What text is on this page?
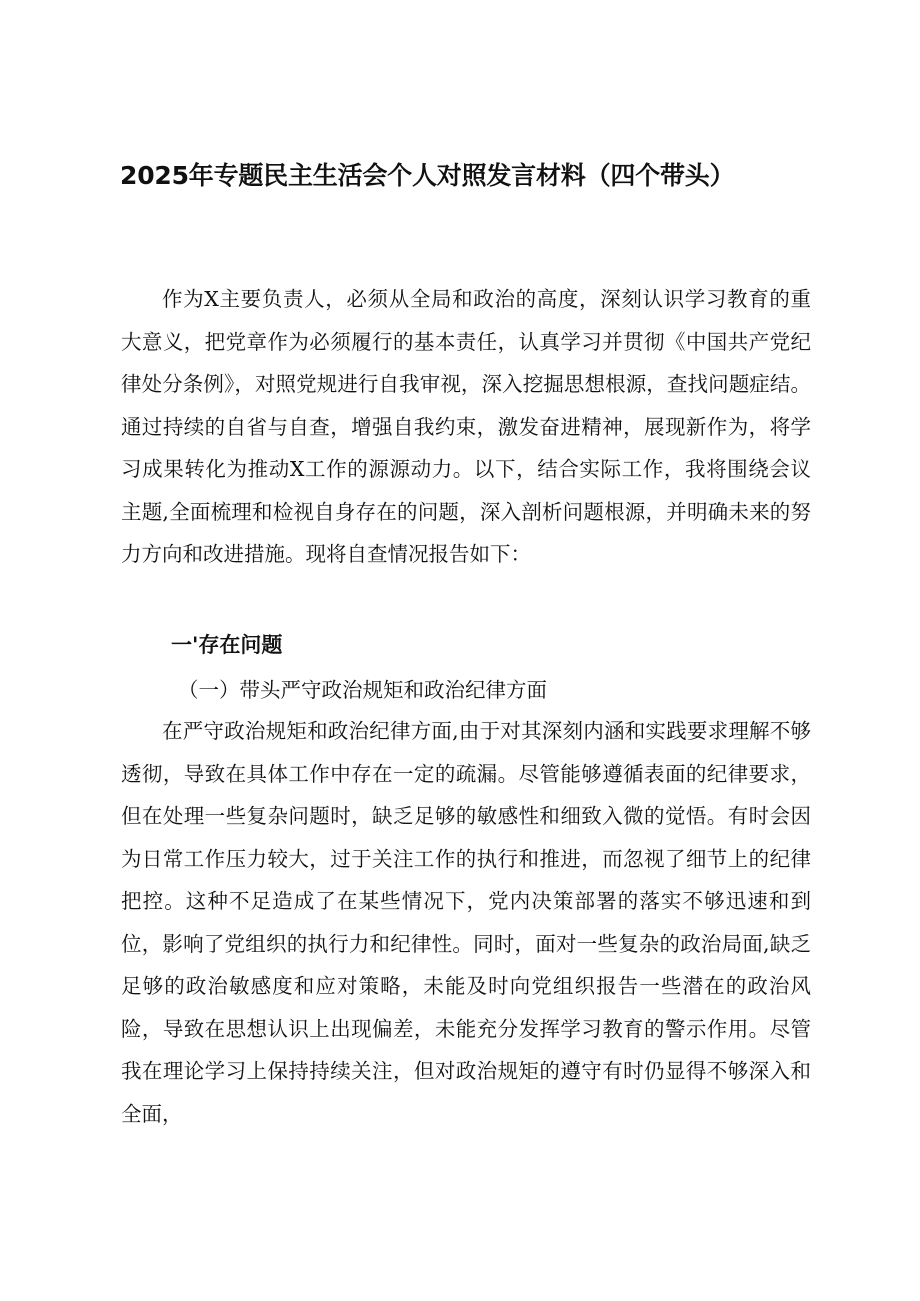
2025年专题民主生活会个人对照发言材料（四个带头）
作为X主要负责人，必须从全局和政治的高度，深刻认识学习教育的重大意义，把党章作为必须履行的基本责任，认真学习并贯彻《中国共产党纪律处分条例》，对照党规进行自我审视，深入挖掘思想根源，查找问题症结。通过持续的自省与自查，增强自我约束，激发奋进精神，展现新作为，将学习成果转化为推动X工作的源源动力。以下，结合实际工作，我将围绕会议主题,全面梳理和检视自身存在的问题，深入剖析问题根源，并明确未来的努力方向和改进措施。现将自查情况报告如下：
一'存在问题
（一）带头严守政治规矩和政治纪律方面
在严守政治规矩和政治纪律方面,由于对其深刻内涵和实践要求理解不够透彻，导致在具体工作中存在一定的疏漏。尽管能够遵循表面的纪律要求，但在处理一些复杂问题时，缺乏足够的敏感性和细致入微的觉悟。有时会因为日常工作压力较大，过于关注工作的执行和推进，而忽视了细节上的纪律把控。这种不足造成了在某些情况下，党内决策部署的落实不够迅速和到位，影响了党组织的执行力和纪律性。同时，面对一些复杂的政治局面,缺乏足够的政治敏感度和应对策略，未能及时向党组织报告一些潜在的政治风险，导致在思想认识上出现偏差，未能充分发挥学习教育的警示作用。尽管我在理论学习上保持持续关注，但对政治规矩的遵守有时仍显得不够深入和全面，
